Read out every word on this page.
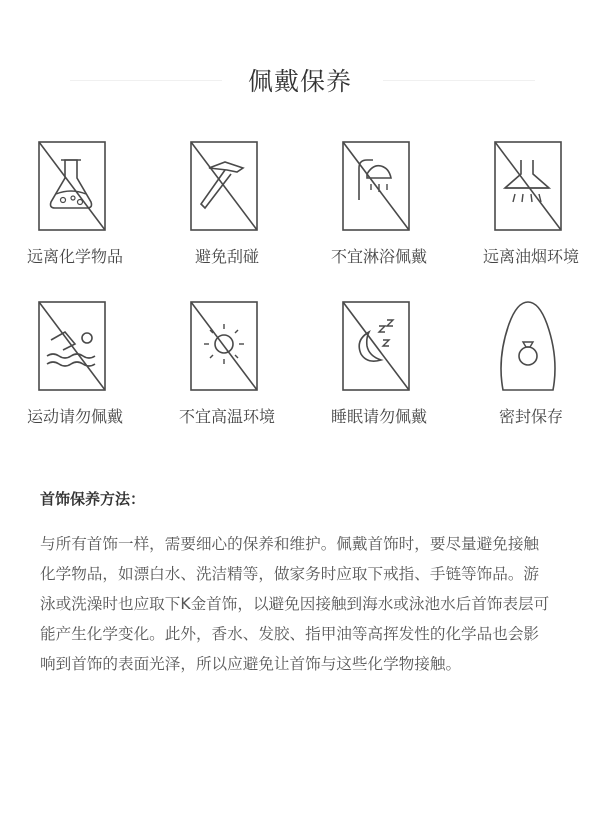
佩戴保养
远离化学物品	避免刮碰	不宜淋浴佩戴	远离油烟环境
运动请勿佩戴	不宜高温环境	睡眠请勿佩戴	密封保存
首饰保养方法：
与所有首饰一样，需要细心的保养和维护。佩戴首饰时，要尽量避免接触
化学物品，如漂白水、洗洁精等，做家务时应取下戒指、手链等饰品。游
泳或洗澡时也应取下K金首饰，以避免因接触到海水或泳池水后首饰表层可
能产生化学变化。此外，香水、发胶、指甲油等高挥发性的化学品也会影
响到首饰的表面光泽，所以应避免让首饰与这些化学物接触。
